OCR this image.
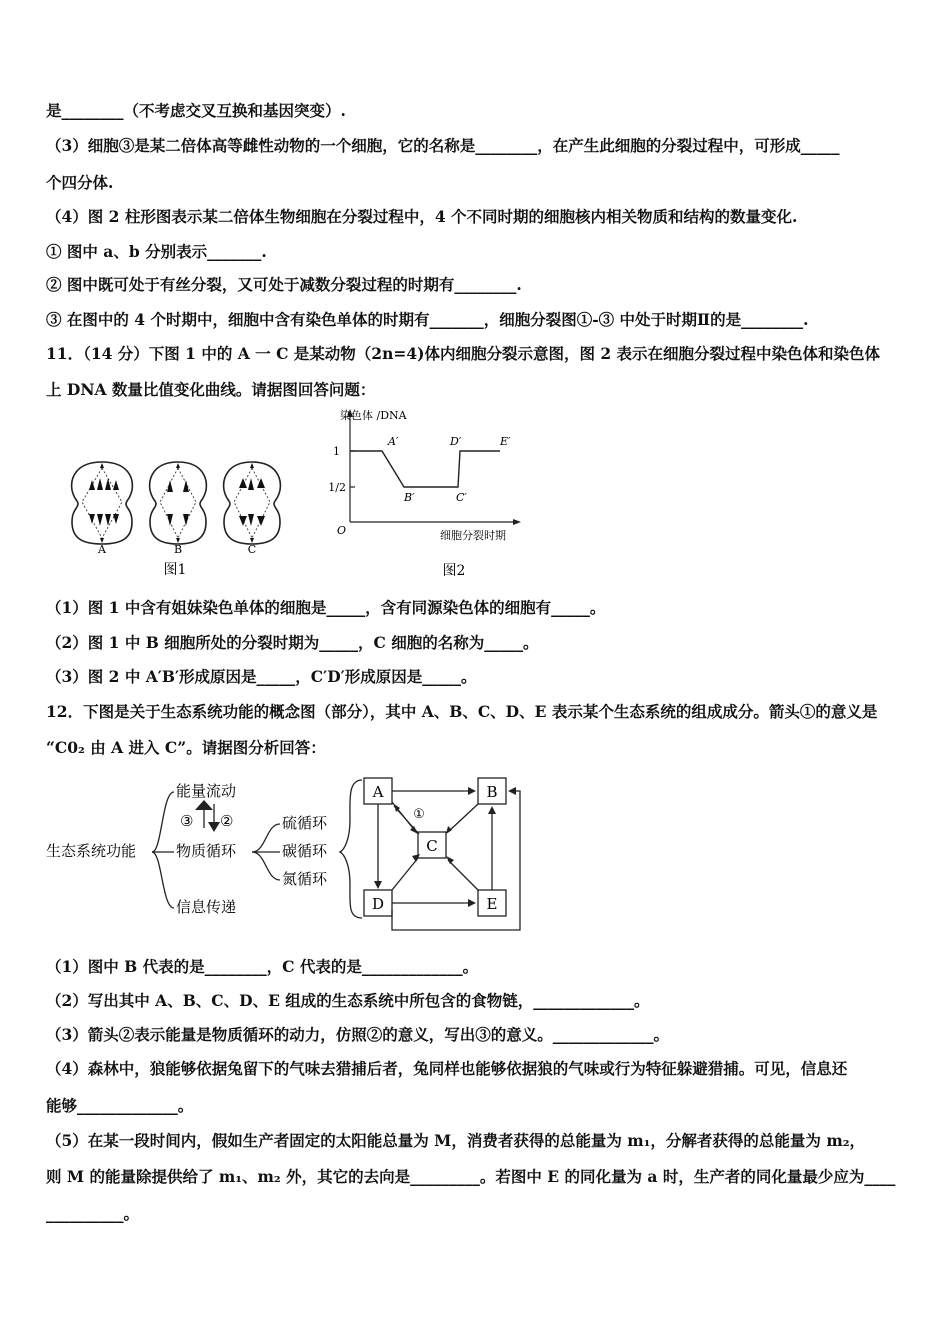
是________（不考虑交叉互换和基因突变）.
（3）细胞③是某二倍体高等雌性动物的一个细胞，它的名称是________，在产生此细胞的分裂过程中，可形成_____
个四分体.
（4）图 2 柱形图表示某二倍体生物细胞在分裂过程中，4 个不同时期的细胞核内相关物质和结构的数量变化.
① 图中 a、b 分别表示_______.
② 图中既可处于有丝分裂，又可处于减数分裂过程的时期有________.
③ 在图中的 4 个时期中，细胞中含有染色单体的时期有_______，细胞分裂图①-③ 中处于时期Ⅱ的是________.
11．（14 分）下图 1 中的 A 一 C 是某动物（2n=4)体内细胞分裂示意图，图 2 表示在细胞分裂过程中染色体和染色体
上 DNA 数量比值变化曲线。请据图回答问题：
A	B	C
图1
染色体 /DNA
1
1/2
O
A′
B′	C′
D′	E′
细胞分裂时期
图2
（1）图 1 中含有姐妹染色单体的细胞是_____，含有同源染色体的细胞有_____。
（2）图 1 中 B 细胞所处的分裂时期为_____，C 细胞的名称为_____。
（3）图 2 中 A′B′形成原因是_____，C′D′形成原因是_____。
12．下图是关于生态系统功能的概念图（部分），其中 A、B、C、D、E 表示某个生态系统的组成成分。箭头①的意义是
“C0₂ 由 A 进入 C”。请据图分析回答：
生态系统功能
能量流动
物质循环
信息传递
③ ②	硫循环
碳循环
氮循环
A	B
C
D	E
①
（1）图中 B 代表的是________，C 代表的是_____________。
（2）写出其中 A、B、C、D、E 组成的生态系统中所包含的食物链，_____________。
（3）箭头②表示能量是物质循环的动力，仿照②的意义，写出③的意义。_____________。
（4）森林中，狼能够依据兔留下的气味去猎捕后者，兔同样也能够依据狼的气味或行为特征躲避猎捕。可见，信息还
能够_____________。
（5）在某一段时间内，假如生产者固定的太阳能总量为 M，消费者获得的总能量为 m₁，分解者获得的总能量为 m₂，
则 M 的能量除提供给了 m₁、m₂ 外，其它的去向是_________。若图中 E 的同化量为 a 时，生产者的同化量最少应为____
__________。
